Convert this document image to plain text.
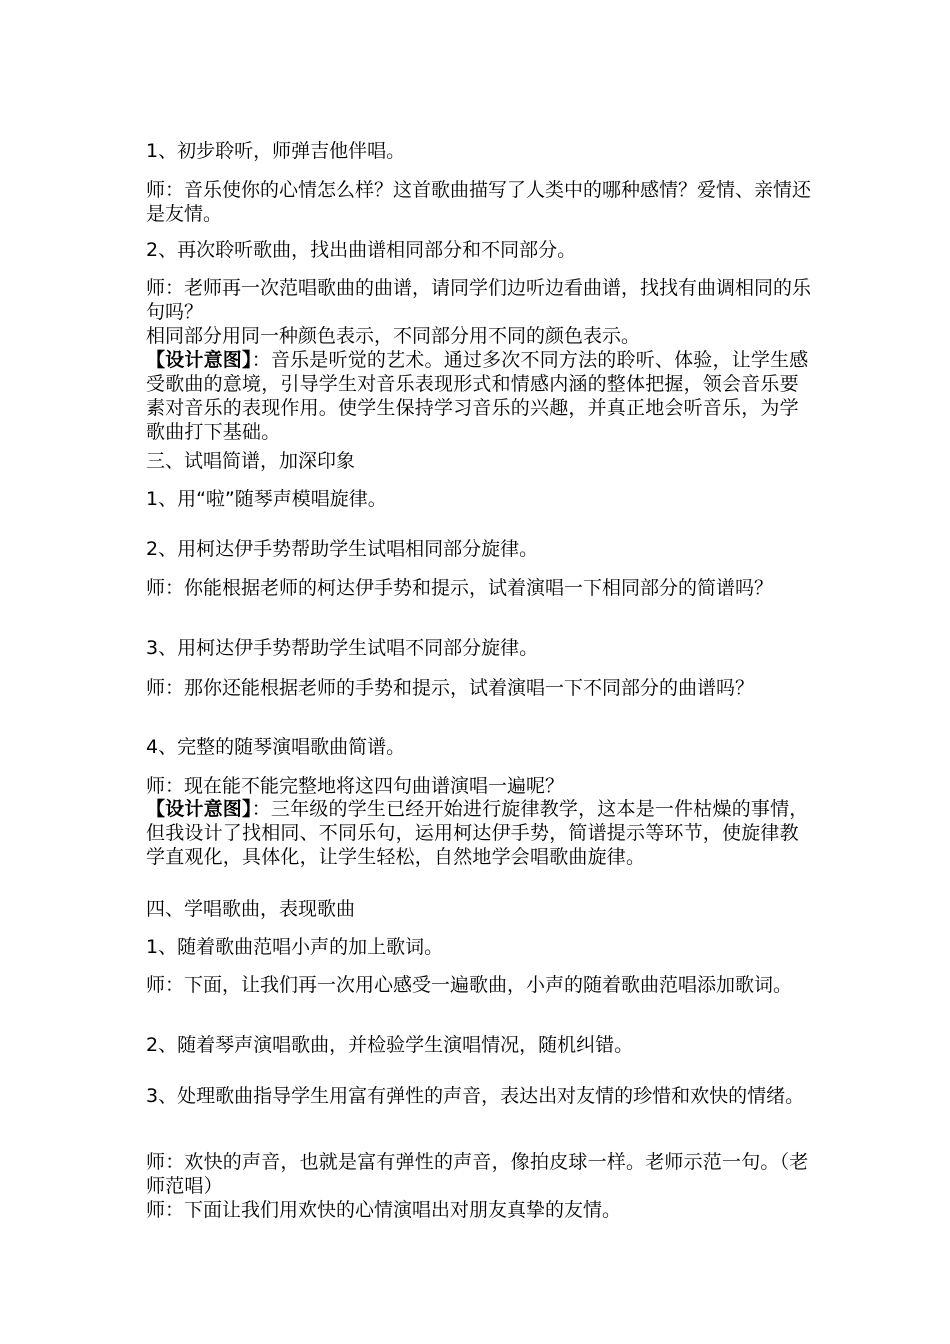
1、初步聆听，师弹吉他伴唱。

师：音乐使你的心情怎么样？这首歌曲描写了人类中的哪种感情？爱情、亲情还是友情。

2、再次聆听歌曲，找出曲谱相同部分和不同部分。

师：老师再一次范唱歌曲的曲谱，请同学们边听边看曲谱，找找有曲调相同的乐句吗？

相同部分用同一种颜色表示，不同部分用不同的颜色表示。

【设计意图】：音乐是听觉的艺术。通过多次不同方法的聆听、体验，让学生感受歌曲的意境，引导学生对音乐表现形式和情感内涵的整体把握，领会音乐要素对音乐的表现作用。使学生保持学习音乐的兴趣，并真正地会听音乐，为学歌曲打下基础。

三、试唱简谱，加深印象

1、用“啦”随琴声模唱旋律。

2、用柯达伊手势帮助学生试唱相同部分旋律。

师：你能根据老师的柯达伊手势和提示，试着演唱一下相同部分的简谱吗？

3、用柯达伊手势帮助学生试唱不同部分旋律。

师：那你还能根据老师的手势和提示，试着演唱一下不同部分的曲谱吗？

4、完整的随琴演唱歌曲简谱。

师：现在能不能完整地将这四句曲谱演唱一遍呢？

【设计意图】：三年级的学生已经开始进行旋律教学，这本是一件枯燥的事情，但我设计了找相同、不同乐句，运用柯达伊手势，简谱提示等环节，使旋律教学直观化，具体化，让学生轻松，自然地学会唱歌曲旋律。

四、学唱歌曲，表现歌曲

1、随着歌曲范唱小声的加上歌词。

师：下面，让我们再一次用心感受一遍歌曲，小声的随着歌曲范唱添加歌词。

2、随着琴声演唱歌曲，并检验学生演唱情况，随机纠错。

3、处理歌曲指导学生用富有弹性的声音，表达出对友情的珍惜和欢快的情绪。

师：欢快的声音，也就是富有弹性的声音，像拍皮球一样。老师示范一句。（老师范唱）

师：下面让我们用欢快的心情演唱出对朋友真挚的友情。
